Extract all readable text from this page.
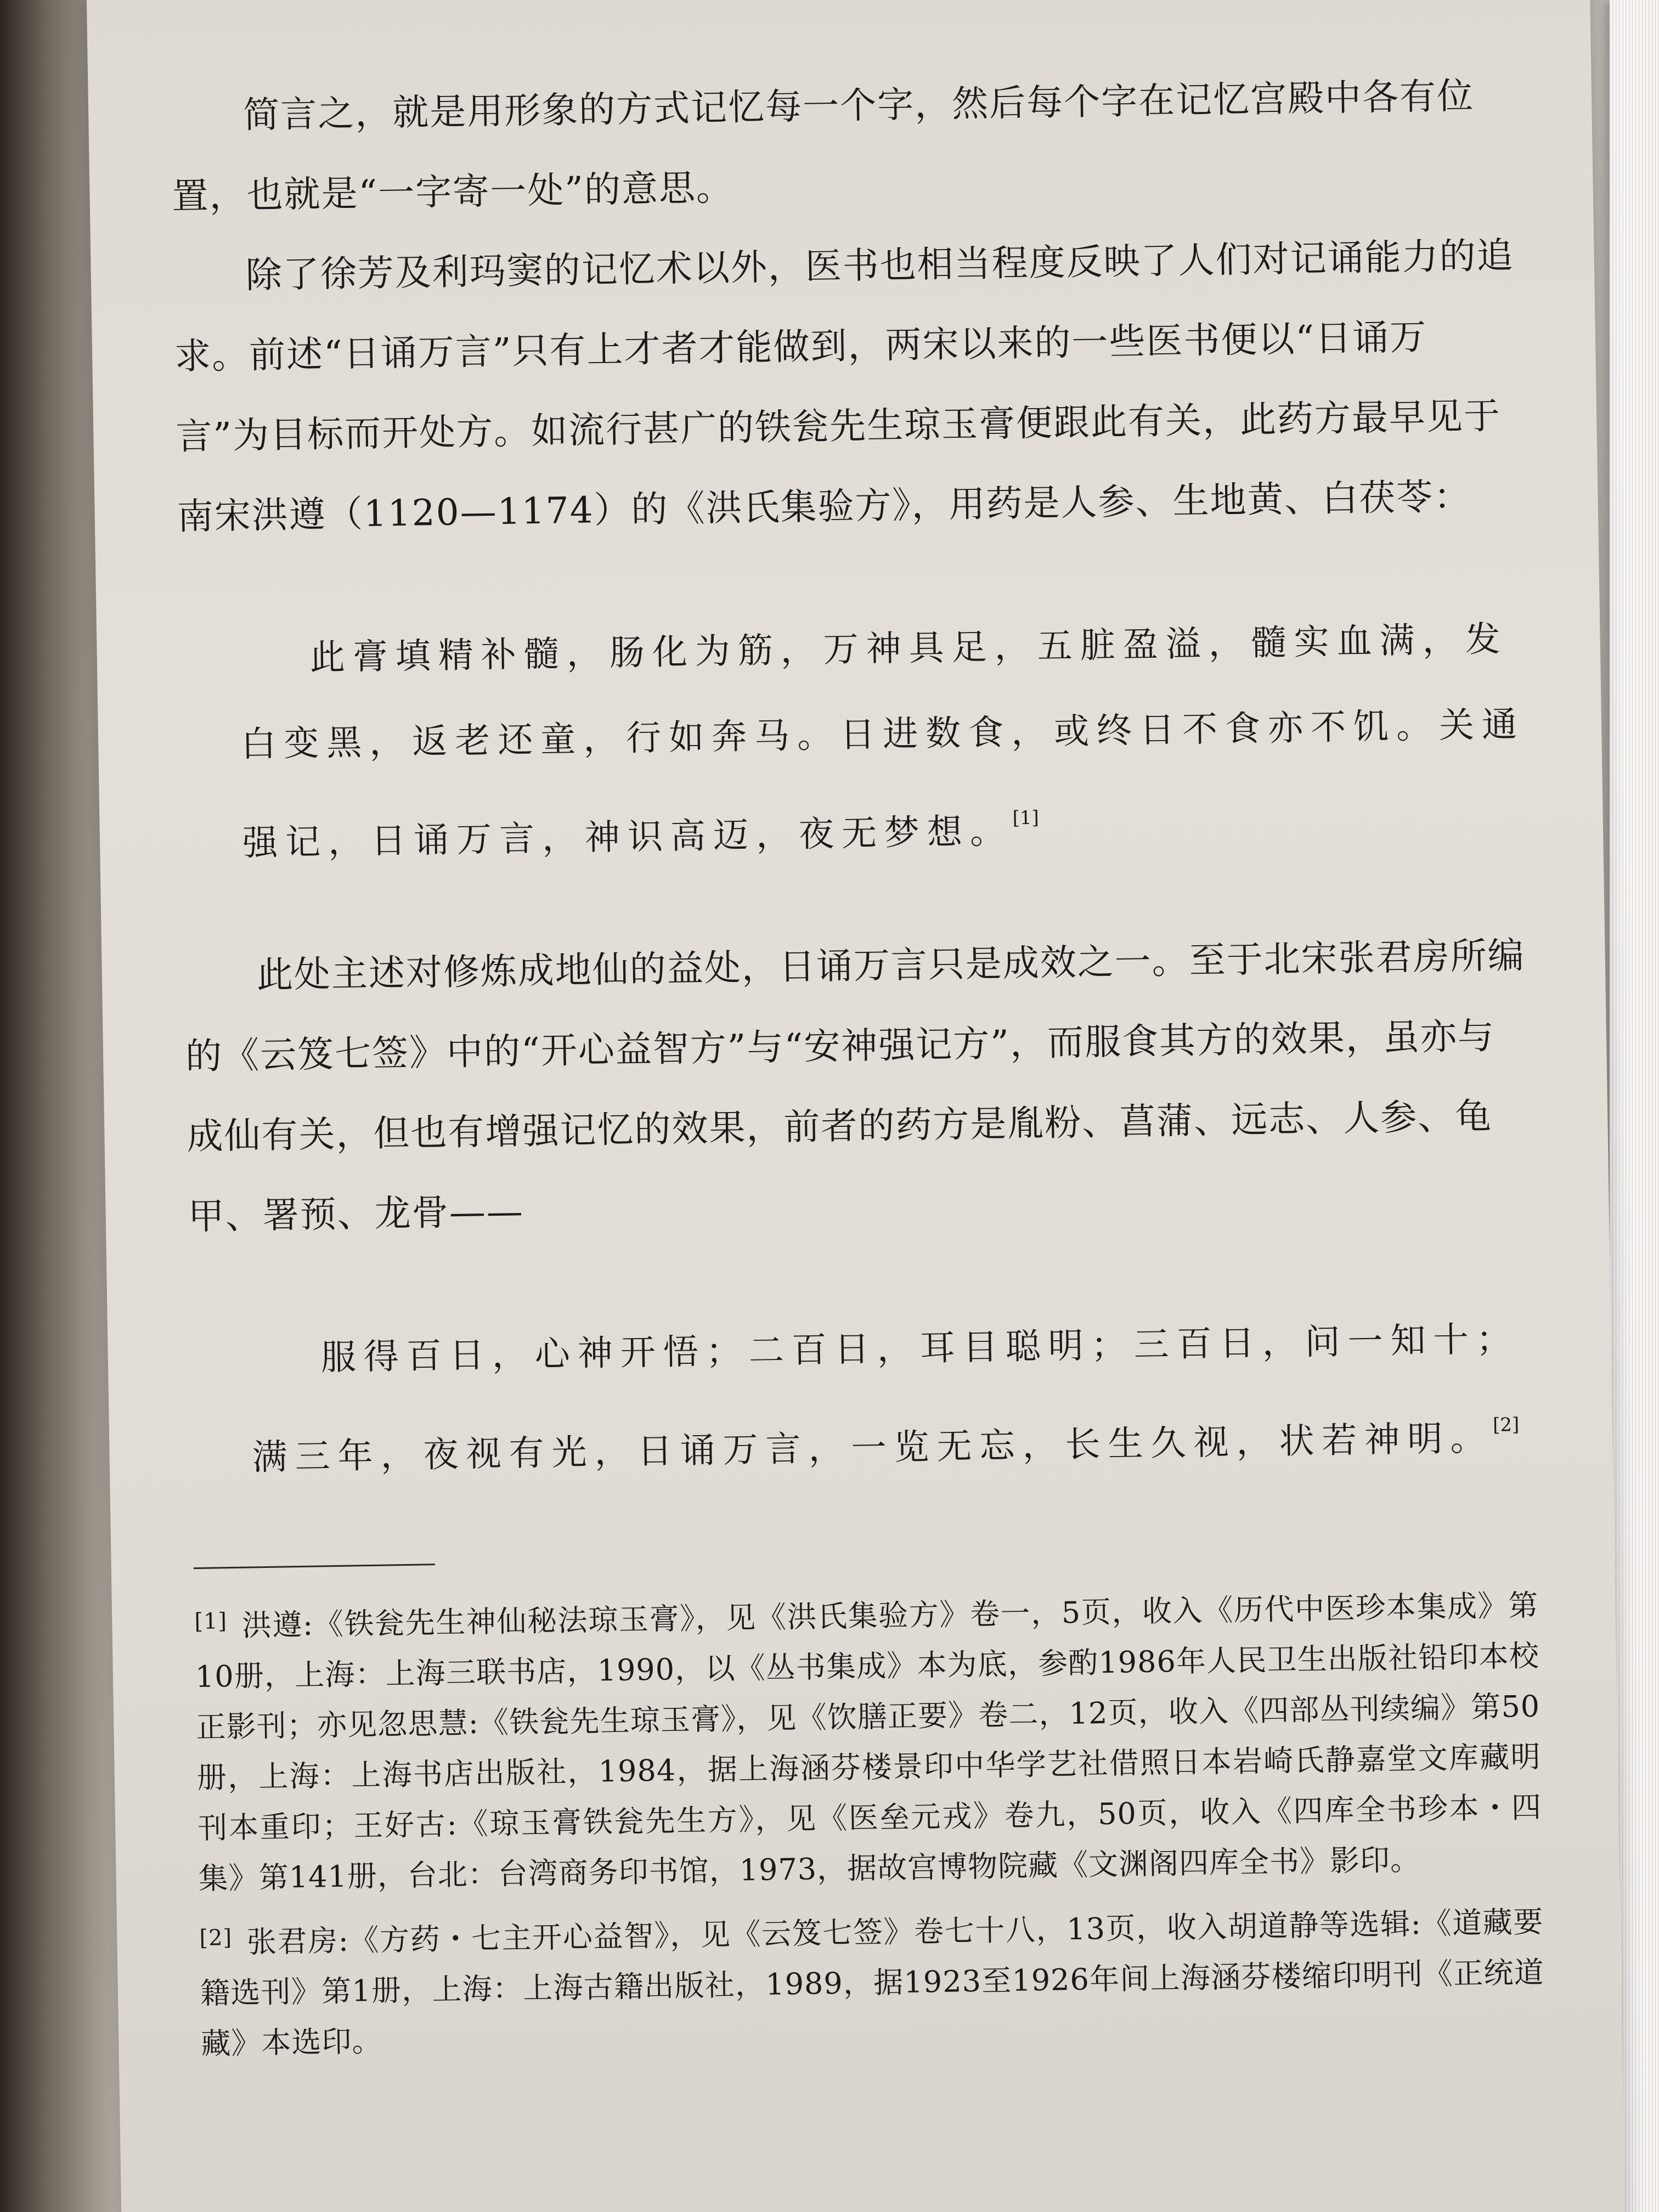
简言之，就是用形象的方式记忆每一个字，然后每个字在记忆宫殿中各有位置，也就是“一字寄一处”的意思。

除了徐芳及利玛窦的记忆术以外，医书也相当程度反映了人们对记诵能力的追求。前述“日诵万言”只有上才者才能做到，两宋以来的一些医书便以“日诵万言”为目标而开处方。如流行甚广的铁瓮先生琼玉膏便跟此有关，此药方最早见于南宋洪遵（1120—1174）的《洪氏集验方》，用药是人参、生地黄、白茯苓：

此膏填精补髓，肠化为筋，万神具足，五脏盈溢，髓实血满，发白变黑，返老还童，行如奔马。日进数食，或终日不食亦不饥。关通强记，日诵万言，神识高迈，夜无梦想。[1]

此处主述对修炼成地仙的益处，日诵万言只是成效之一。至于北宋张君房所编的《云笈七签》中的“开心益智方”与“安神强记方”，而服食其方的效果，虽亦与成仙有关，但也有增强记忆的效果，前者的药方是胤粉、菖蒲、远志、人参、龟甲、署预、龙骨——

服得百日，心神开悟；二百日，耳目聪明；三百日，问一知十；满三年，夜视有光，日诵万言，一览无忘，长生久视，状若神明。[2]

[1] 洪遵:《铁瓮先生神仙秘法琼玉膏》，见《洪氏集验方》卷一，5页，收入《历代中医珍本集成》第10册，上海：上海三联书店，1990，以《丛书集成》本为底，参酌1986年人民卫生出版社铅印本校正影刊；亦见忽思慧:《铁瓮先生琼玉膏》，见《饮膳正要》卷二，12页，收入《四部丛刊续编》第50册，上海：上海书店出版社，1984，据上海涵芬楼景印中华学艺社借照日本岩崎氏静嘉堂文库藏明刊本重印；王好古:《琼玉膏铁瓮先生方》，见《医垒元戎》卷九，50页，收入《四库全书珍本・四集》第141册，台北：台湾商务印书馆，1973，据故宫博物院藏《文渊阁四库全书》影印。

[2] 张君房:《方药・七主开心益智》，见《云笈七签》卷七十八，13页，收入胡道静等选辑:《道藏要籍选刊》第1册，上海：上海古籍出版社，1989，据1923至1926年间上海涵芬楼缩印明刊《正统道藏》本选印。
